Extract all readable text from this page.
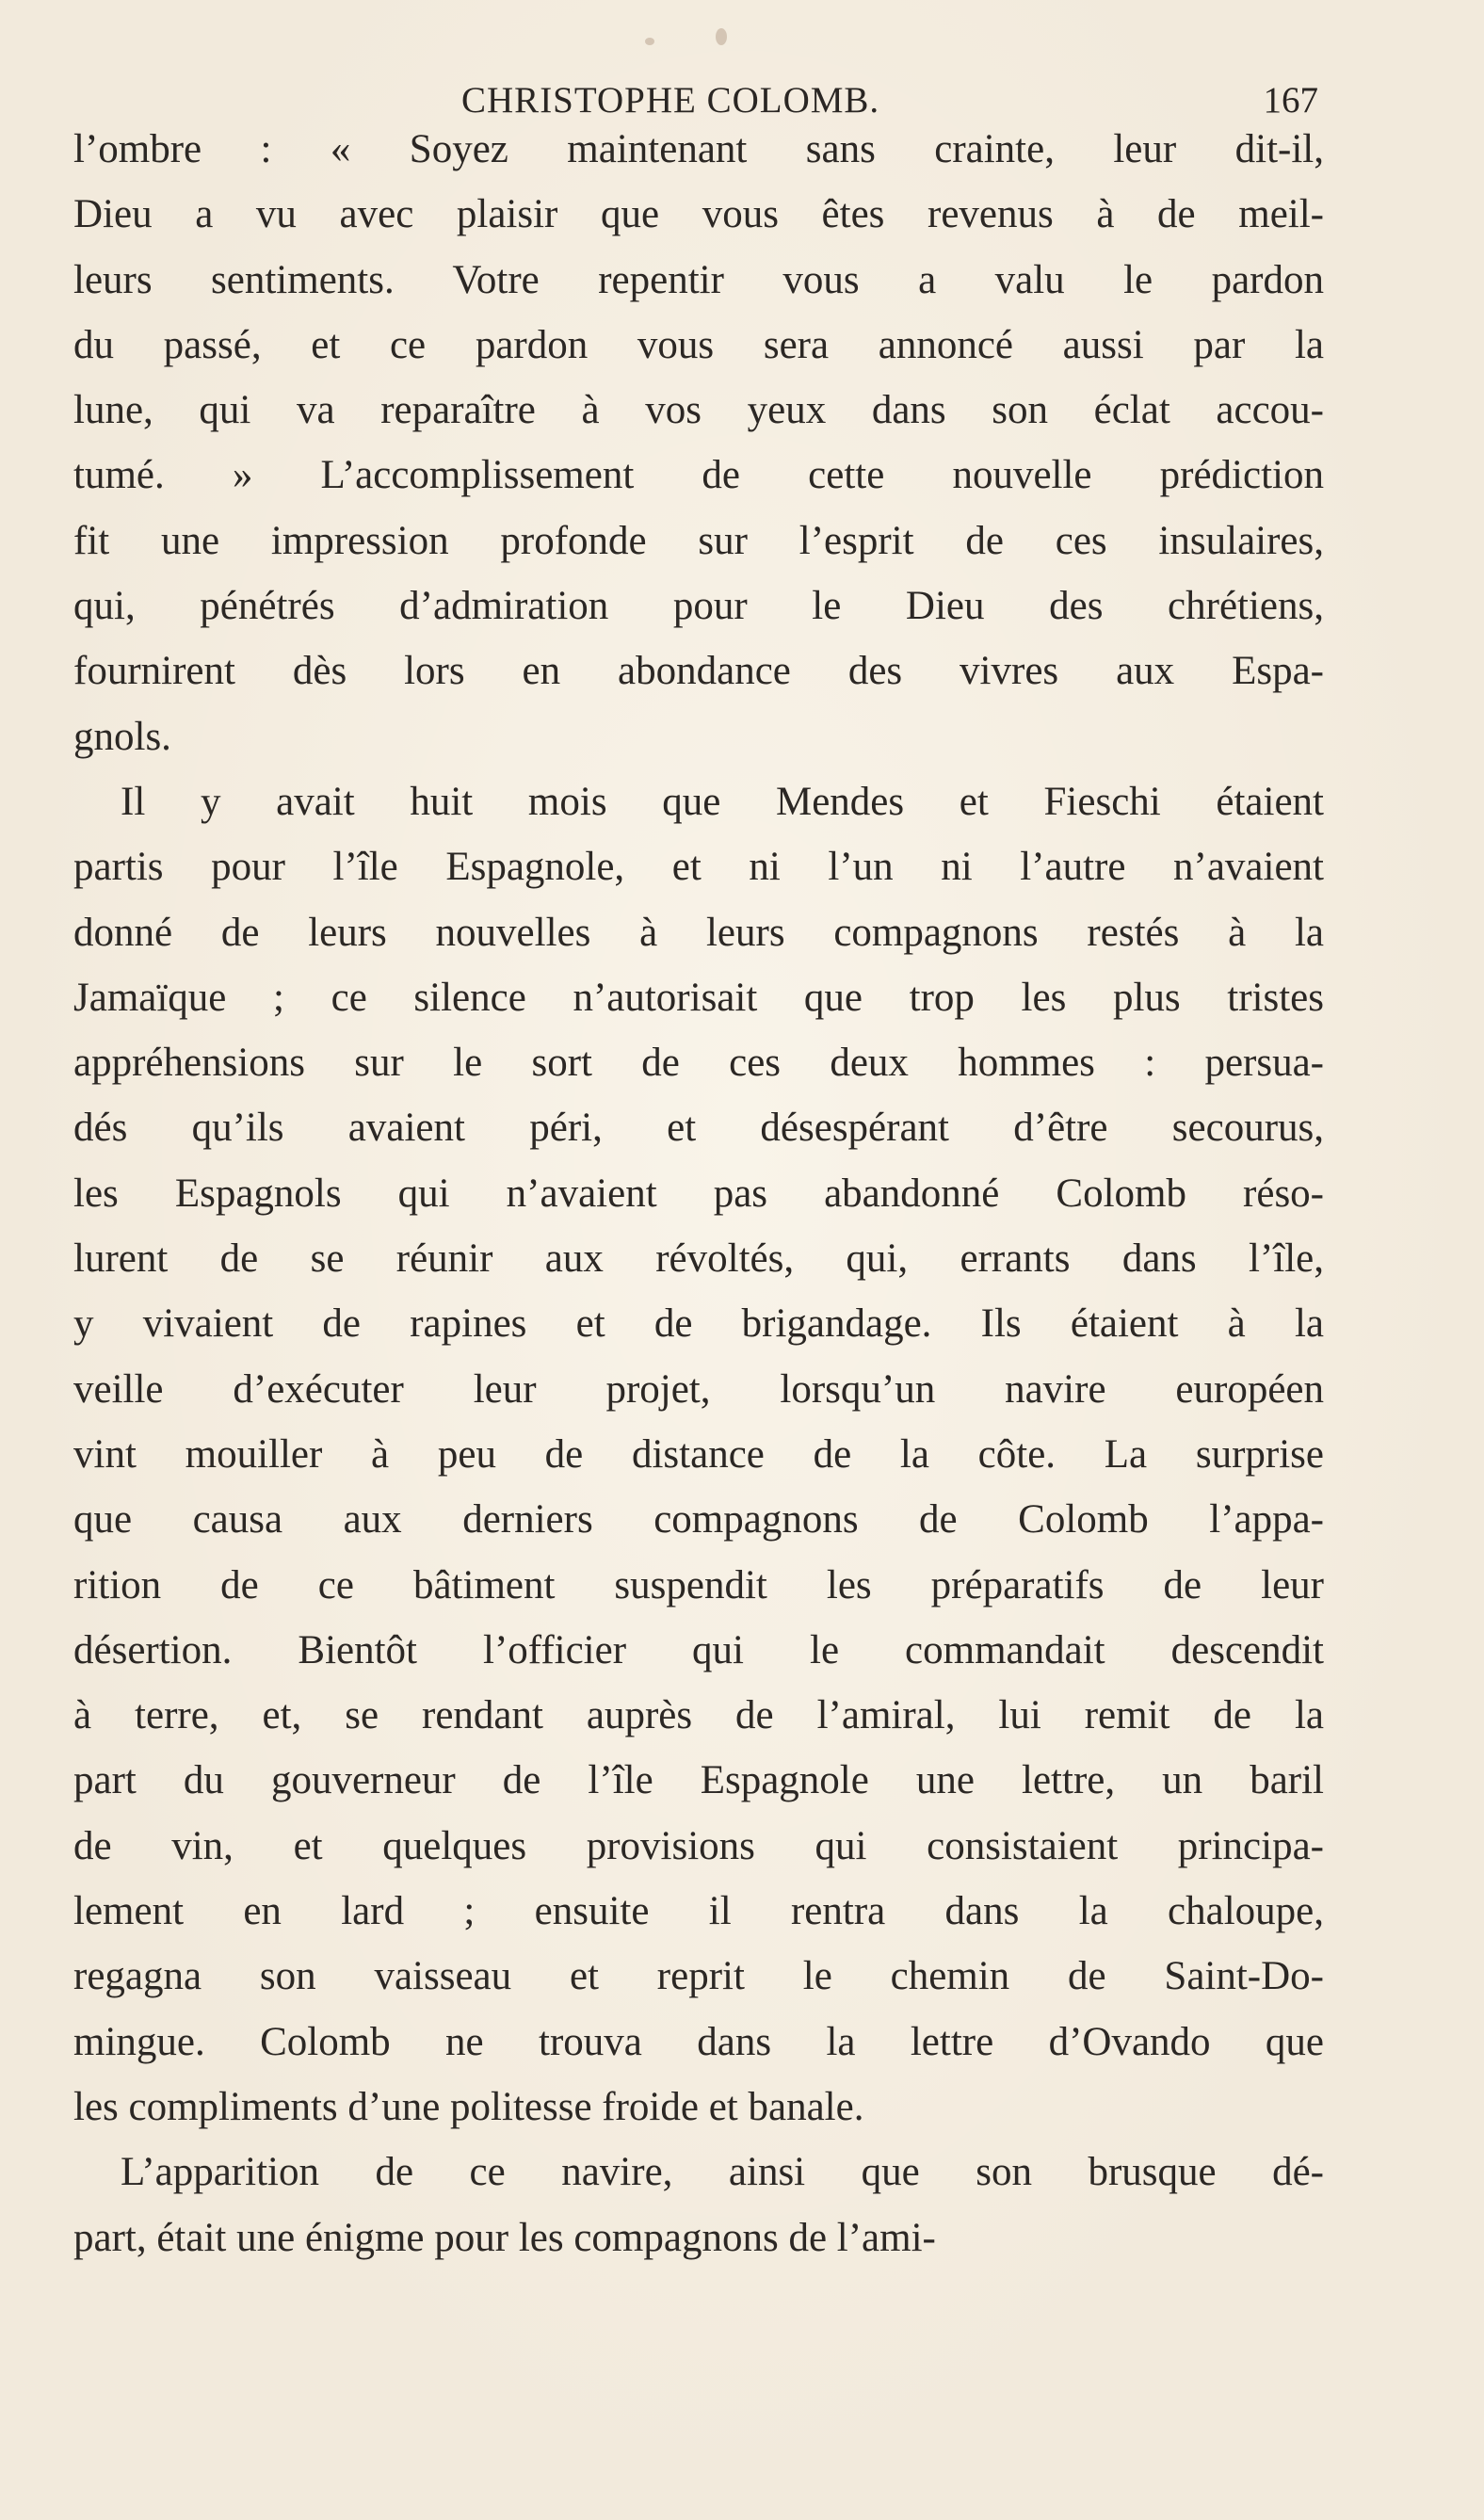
CHRISTOPHE COLOMB.	167
l’ombre : « Soyez maintenant sans crainte, leur dit-il,
Dieu a vu avec plaisir que vous êtes revenus à de meil-
leurs sentiments. Votre repentir vous a valu le pardon
du passé, et ce pardon vous sera annoncé aussi par la
lune, qui va reparaître à vos yeux dans son éclat accou-
tumé. » L’accomplissement de cette nouvelle prédiction
fit une impression profonde sur l’esprit de ces insulaires,
qui, pénétrés d’admiration pour le Dieu des chrétiens,
fournirent dès lors en abondance des vivres aux Espa-
gnols.
Il y avait huit mois que Mendes et Fieschi étaient
partis pour l’île Espagnole, et ni l’un ni l’autre n’avaient
donné de leurs nouvelles à leurs compagnons restés à la
Jamaïque ; ce silence n’autorisait que trop les plus tristes
appréhensions sur le sort de ces deux hommes : persua-
dés qu’ils avaient péri, et désespérant d’être secourus,
les Espagnols qui n’avaient pas abandonné Colomb réso-
lurent de se réunir aux révoltés, qui, errants dans l’île,
y vivaient de rapines et de brigandage. Ils étaient à la
veille d’exécuter leur projet, lorsqu’un navire européen
vint mouiller à peu de distance de la côte. La surprise
que causa aux derniers compagnons de Colomb l’appa-
rition de ce bâtiment suspendit les préparatifs de leur
désertion. Bientôt l’officier qui le commandait descendit
à terre, et, se rendant auprès de l’amiral, lui remit de la
part du gouverneur de l’île Espagnole une lettre, un baril
de vin, et quelques provisions qui consistaient principa-
lement en lard ; ensuite il rentra dans la chaloupe,
regagna son vaisseau et reprit le chemin de Saint-Do-
mingue. Colomb ne trouva dans la lettre d’Ovando que
les compliments d’une politesse froide et banale.
L’apparition de ce navire, ainsi que son brusque dé-
part, était une énigme pour les compagnons de l’ami-
